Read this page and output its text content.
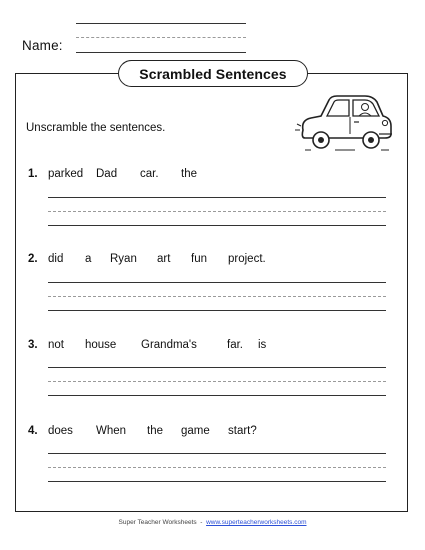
Name:
Scrambled Sentences
Unscramble the sentences.
1. parked	Dad	car.	the
2. did	a	Ryan	art	fun	project.
3. not	house	Grandma's	far.	is
4. does	When	the	game	start?
Super Teacher Worksheets  -  www.superteacherworksheets.com
